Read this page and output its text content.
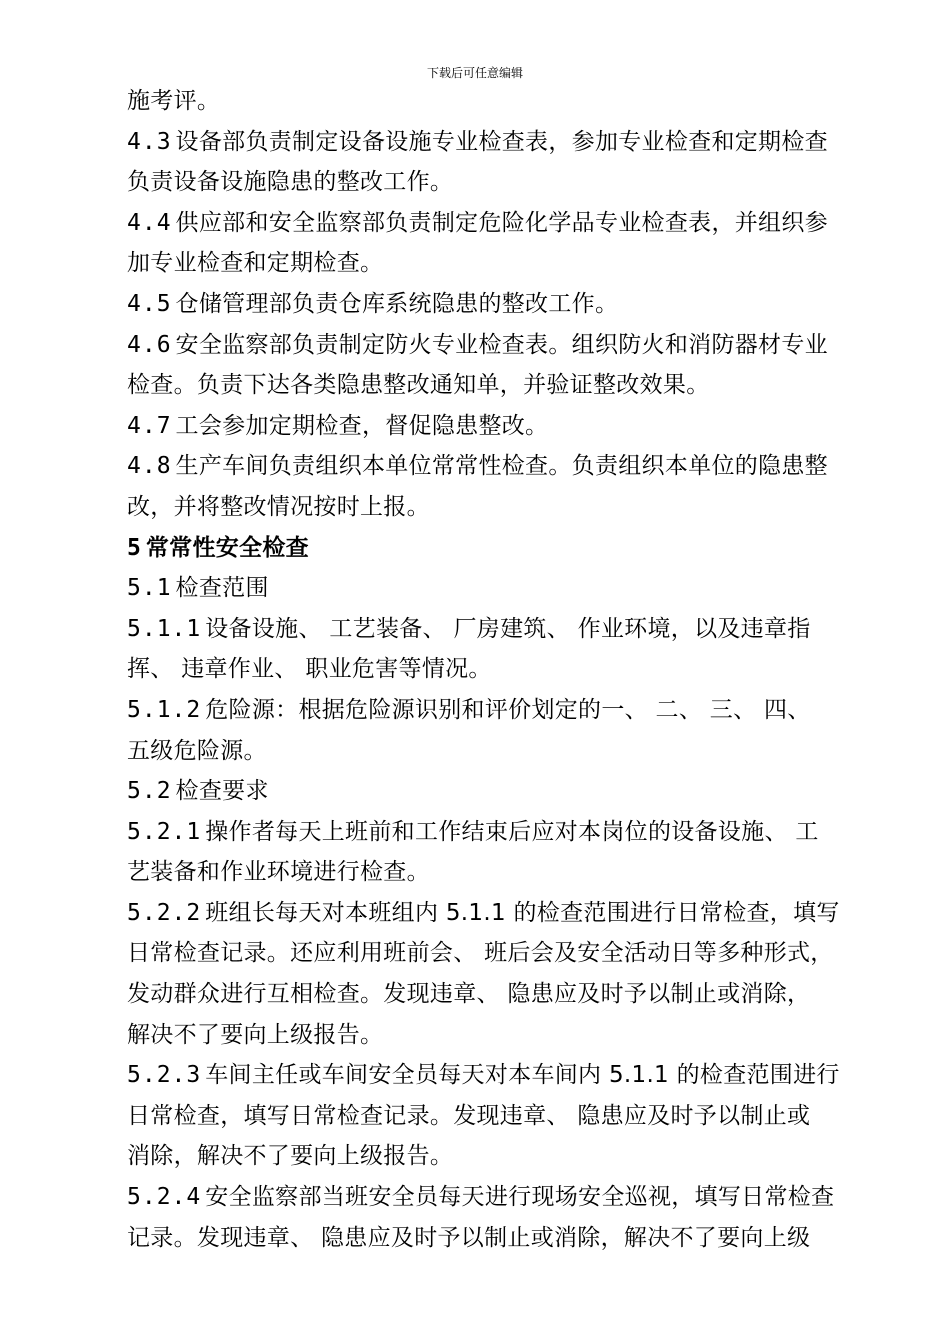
下载后可任意编辑
施考评。
4.3 设备部负责制定设备设施专业检查表，参加专业检查和定期检查
负责设备设施隐患的整改工作。
4.4 供应部和安全监察部负责制定危险化学品专业检查表，并组织参
加专业检查和定期检查。
4.5 仓储管理部负责仓库系统隐患的整改工作。
4.6 安全监察部负责制定防火专业检查表。组织防火和消防器材专业
检查。负责下达各类隐患整改通知单，并验证整改效果。
4.7 工会参加定期检查，督促隐患整改。
4.8 生产车间负责组织本单位常常性检查。负责组织本单位的隐患整
改，并将整改情况按时上报。
5 常常性安全检查
5.1 检查范围
5.1.1 设备设施、 工艺装备、 厂房建筑、 作业环境，以及违章指
挥、 违章作业、 职业危害等情况。
5.1.2 危险源：根据危险源识别和评价划定的一、 二、 三、 四、
五级危险源。
5.2 检查要求
5.2.1 操作者每天上班前和工作结束后应对本岗位的设备设施、 工
艺装备和作业环境进行检查。
5.2.2 班组长每天对本班组内 5.1.1 的检查范围进行日常检查，填写
日常检查记录。还应利用班前会、 班后会及安全活动日等多种形式，
发动群众进行互相检查。发现违章、 隐患应及时予以制止或消除，
解决不了要向上级报告。
5.2.3 车间主任或车间安全员每天对本车间内 5.1.1 的检查范围进行
日常检查，填写日常检查记录。发现违章、 隐患应及时予以制止或
消除，解决不了要向上级报告。
5.2.4 安全监察部当班安全员每天进行现场安全巡视，填写日常检查
记录。发现违章、 隐患应及时予以制止或消除，解决不了要向上级
